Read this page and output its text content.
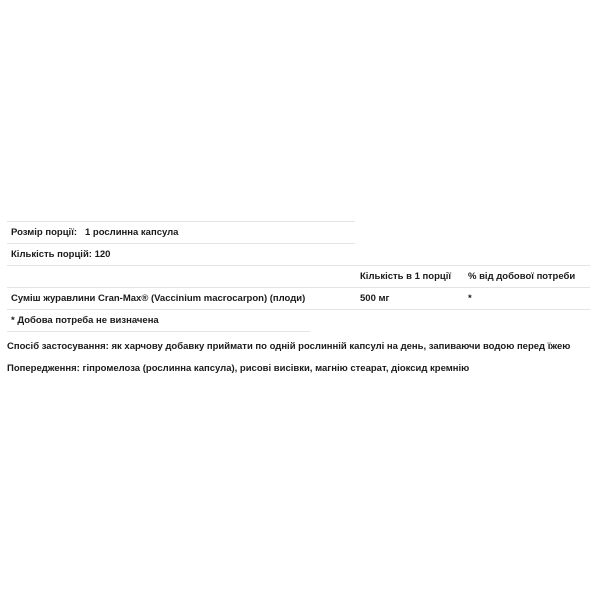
Розмір порції: 1 рослинна капсула
Кількість порцій: 120
Кількість в 1 порції % від добової потреби
Суміш журавлини Cran-Max® (Vaccinium macrocarpon) (плоди)	500 мг	*
* Добова потреба не визначена
Спосіб застосування: як харчову добавку приймати по одній рослинній капсулі на день, запиваючи водою перед їжею
Попередження: гіпромелоза (рослинна капсула), рисові висівки, магнію стеарат, діоксид кремнію
